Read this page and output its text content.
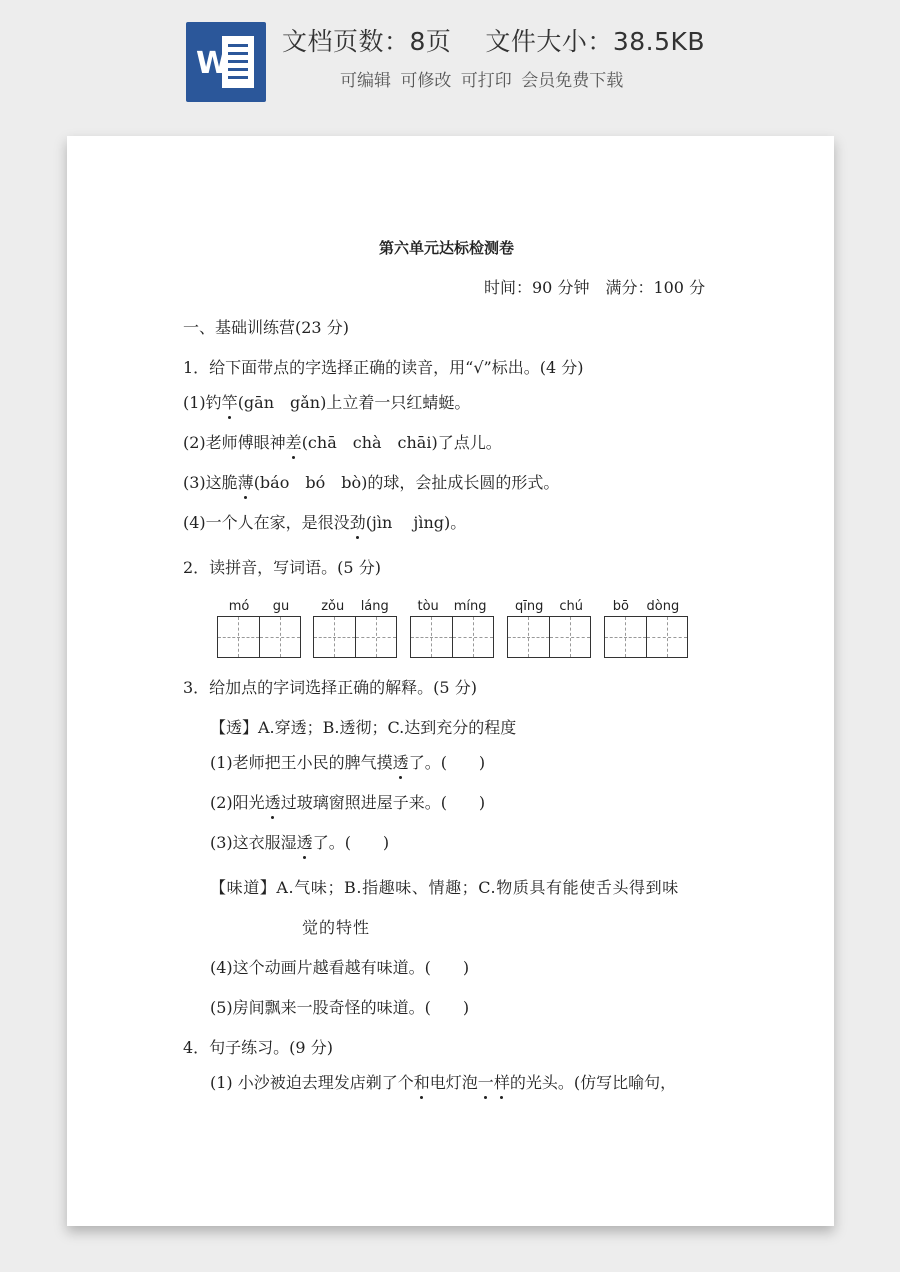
W
文档页数：8页　 文件大小：38.5KB
可编辑 可修改 可打印 会员免费下载
第六单元达标检测卷
时间：90 分钟　满分：100 分
一、基础训练营(23 分)
1．给下面带点的字选择正确的读音，用“√”标出。(4 分)
(1)钓竿(gān　gǎn)上立着一只红蜻蜓。
(2)老师傅眼神差(chā　chà　chāi)了点儿。
(3)这脆薄(báo　bó　bò)的球，会扯成长圆的形式。
(4)一个人在家，是很没劲(jìn　 jìng)。
2．读拼音，写词语。(5 分)
mó gu zǒu láng tòu míng qīng chú bō dòng
3．给加点的字词选择正确的解释。(5 分)
【透】A.穿透；B.透彻；C.达到充分的程度
(1)老师把王小民的脾气摸透了。(　　)
(2)阳光透过玻璃窗照进屋子来。(　　)
(3)这衣服湿透了。(　　)
【味道】A.气味；B.指趣味、情趣；C.物质具有能使舌头得到味
觉的特性
(4)这个动画片越看越有味道。(　　)
(5)房间飘来一股奇怪的味道。(　　)
4．句子练习。(9 分)
(1) 小沙被迫去理发店剃了个和电灯泡一样的光头。(仿写比喻句，
